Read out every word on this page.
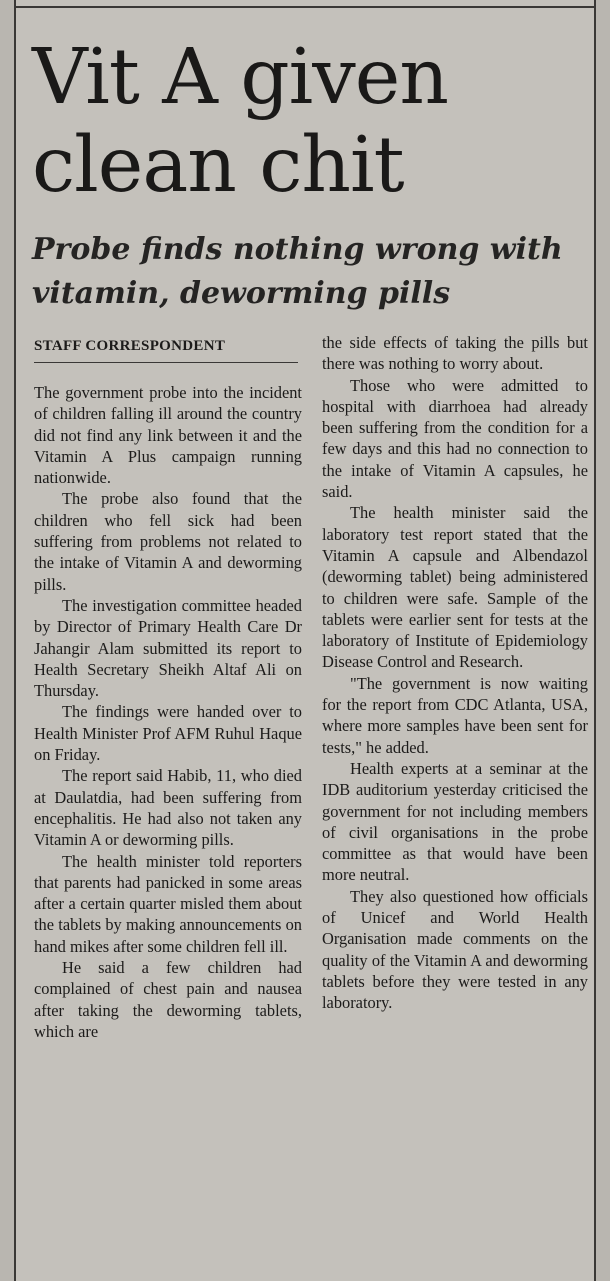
Vit A given
clean chit
Probe finds nothing wrong with vitamin, deworming pills
STAFF CORRESPONDENT

The government probe into the incident of children falling ill around the country did not find any link between it and the Vitamin A Plus campaign running nationwide.

The probe also found that the children who fell sick had been suffering from problems not related to the intake of Vitamin A and deworming pills.

The investigation committee headed by Director of Primary Health Care Dr Jahangir Alam submitted its report to Health Secretary Sheikh Altaf Ali on Thursday.

The findings were handed over to Health Minister Prof AFM Ruhul Haque on Friday.

The report said Habib, 11, who died at Daulatdia, had been suffering from encephalitis. He had also not taken any Vitamin A or deworming pills.

The health minister told reporters that parents had panicked in some areas after a certain quarter misled them about the tablets by making announcements on hand mikes after some children fell ill.

He said a few children had complained of chest pain and nausea after taking the deworming tablets, which are

the side effects of taking the pills but there was nothing to worry about.

Those who were admitted to hospital with diarrhoea had already been suffering from the condition for a few days and this had no connection to the intake of Vitamin A capsules, he said.

The health minister said the laboratory test report stated that the Vitamin A capsule and Albendazol (deworming tablet) being administered to children were safe. Sample of the tablets were earlier sent for tests at the laboratory of Institute of Epidemiology Disease Control and Research.

"The government is now waiting for the report from CDC Atlanta, USA, where more samples have been sent for tests," he added.

Health experts at a seminar at the IDB auditorium yesterday criticised the government for not including members of civil organisations in the probe committee as that would have been more neutral.

They also questioned how officials of Unicef and World Health Organisation made comments on the quality of the Vitamin A and deworming tablets before they were tested in any laboratory.
